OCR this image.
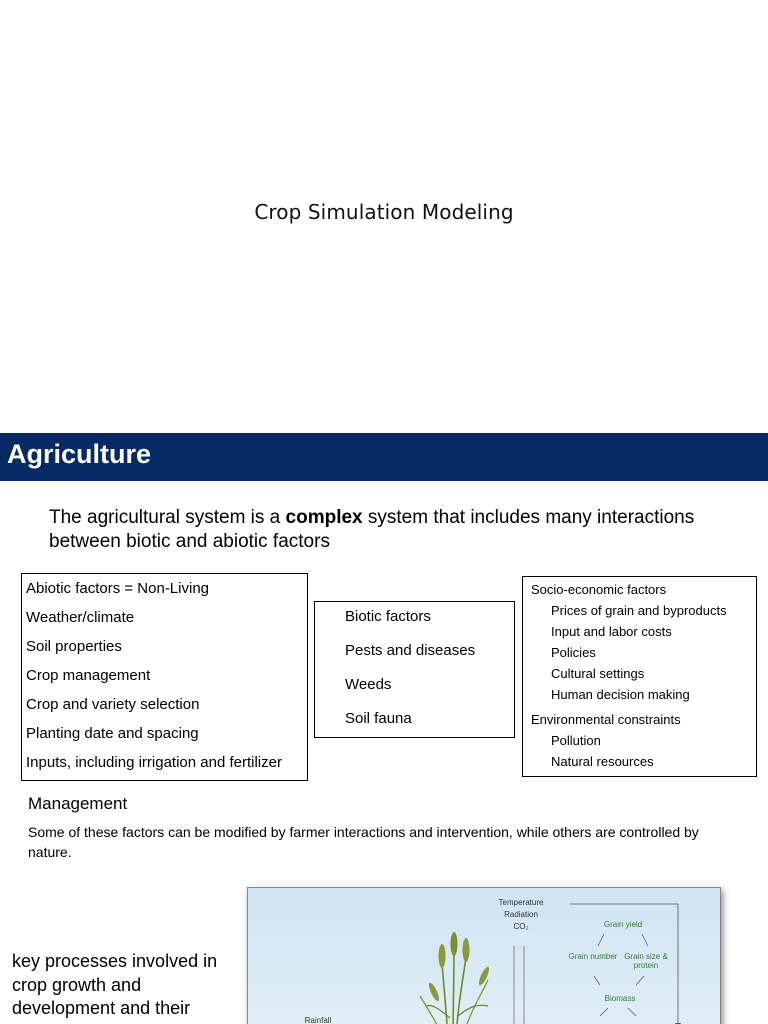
Crop Simulation Modeling
Agriculture
The agricultural system is a complex system that includes many interactions between biotic and abiotic factors
Abiotic factors = Non-Living
Weather/climate
Soil properties
Crop management
Crop and variety selection
Planting date and spacing
Inputs, including irrigation and fertilizer
Biotic factors
Pests and diseases
Weeds
Soil fauna
Socio-economic factors
Prices of grain and byproducts
Input and labor costs
Policies
Cultural settings
Human decision making
Environmental constraints
Pollution
Natural resources
Management
Some of these factors can be modified by farmer interactions and intervention, while others are controlled by nature.
key processes involved in crop growth and development and their
Temperature
Radiation
CO₂	Grain yield
Grain number Grain size & protein
Biomass
Rainfall
